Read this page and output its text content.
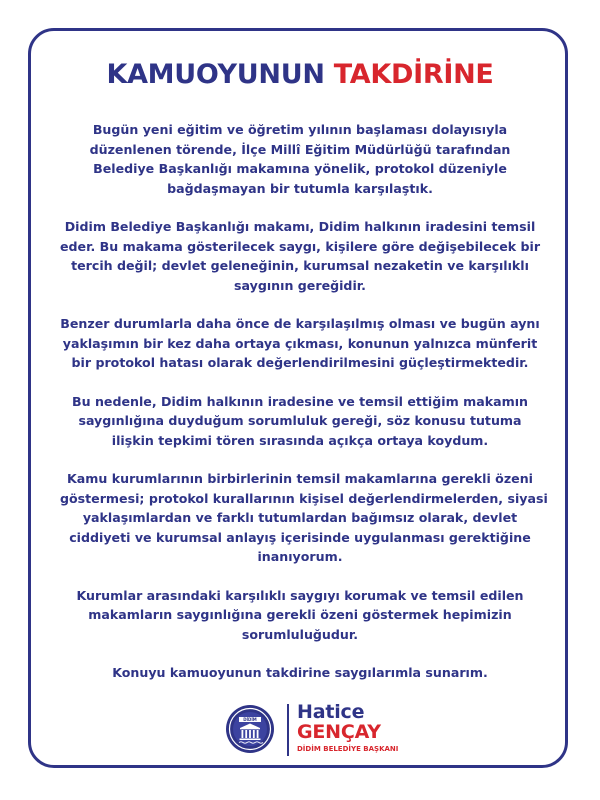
KAMUOYUNUN TAKDİRİNE
Bugün yeni eğitim ve öğretim yılının başlaması dolayısıyla
düzenlenen törende, İlçe Millî Eğitim Müdürlüğü tarafından
Belediye Başkanlığı makamına yönelik, protokol düzeniyle
bağdaşmayan bir tutumla karşılaştık.
Didim Belediye Başkanlığı makamı, Didim halkının iradesini temsil
eder. Bu makama gösterilecek saygı, kişilere göre değişebilecek bir
tercih değil; devlet geleneğinin, kurumsal nezaketin ve karşılıklı
saygının gereğidir.
Benzer durumlarla daha önce de karşılaşılmış olması ve bugün aynı
yaklaşımın bir kez daha ortaya çıkması, konunun yalnızca münferit
bir protokol hatası olarak değerlendirilmesini güçleştirmektedir.
Bu nedenle, Didim halkının iradesine ve temsil ettiğim makamın
saygınlığına duyduğum sorumluluk gereği, söz konusu tutuma
ilişkin tepkimi tören sırasında açıkça ortaya koydum.
Kamu kurumlarının birbirlerinin temsil makamlarına gerekli özeni
göstermesi; protokol kurallarının kişisel değerlendirmelerden, siyasi
yaklaşımlardan ve farklı tutumlardan bağımsız olarak, devlet
ciddiyeti ve kurumsal anlayış içerisinde uygulanması gerektiğine
inanıyorum.
Kurumlar arasındaki karşılıklı saygıyı korumak ve temsil edilen
makamların saygınlığına gerekli özeni göstermek hepimizin
sorumluluğudur.
Konuyu kamuoyunun takdirine saygılarımla sunarım.
DİDİM Hatice
GENÇAY
DİDİM BELEDİYE BAŞKANI
